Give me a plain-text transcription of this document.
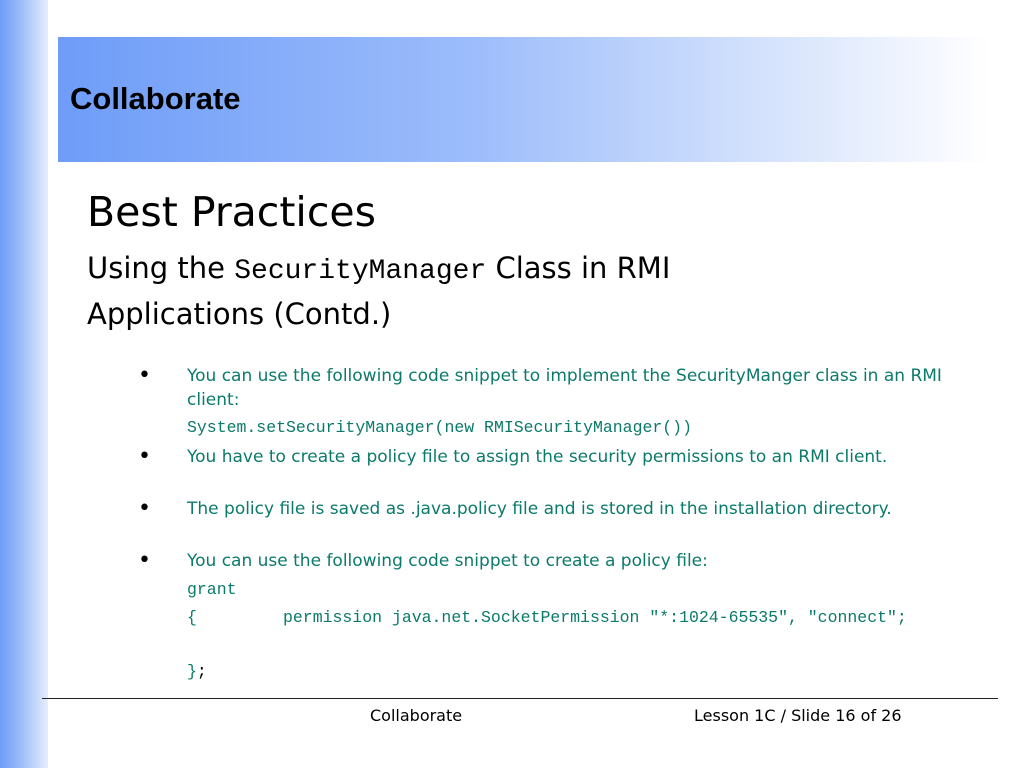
Collaborate
Best Practices

Using the SecurityManager Class in RMI Applications (Contd.)

• You can use the following code snippet to implement the SecurityManger class in an RMI client:

System.setSecurityManager(new RMISecurityManager())

• You have to create a policy file to assign the security permissions to an RMI client.

• The policy file is saved as .java.policy file and is stored in the installation directory.

• You can use the following code snippet to create a policy file:

grant

{	permission java.net.SocketPermission "*:1024-65535", "connect";

};

Collaborate	Lesson 1C / Slide 16 of 26
